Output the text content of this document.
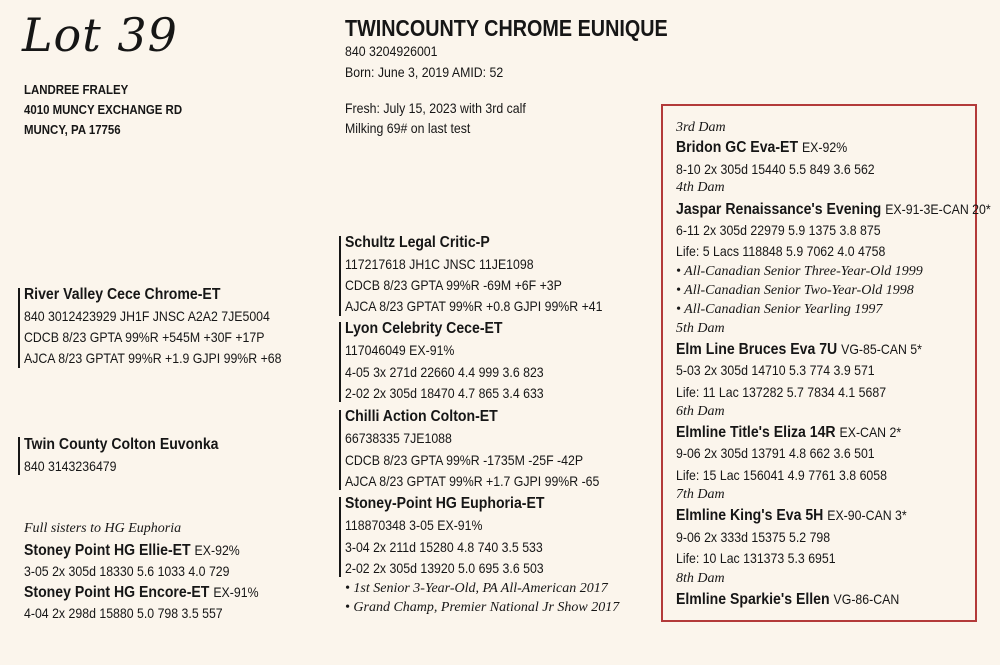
Lot 39
LANDREE FRALEY
4010 MUNCY EXCHANGE RD
MUNCY, PA 17756
TWINCOUNTY CHROME EUNIQUE
840 3204926001
Born: June 3, 2019 AMID: 52
Fresh: July 15, 2023 with 3rd calf
Milking 69# on last test
River Valley Cece Chrome-ET
840 3012423929 JH1F JNSC A2A2 7JE5004
CDCB 8/23 GPTA 99%R +545M +30F +17P
AJCA 8/23 GPTAT 99%R +1.9 GJPI 99%R +68
Twin County Colton Euvonka
840 3143236479
Full sisters to HG Euphoria
Stoney Point HG Ellie-ET EX-92%
3-05 2x 305d 18330 5.6 1033 4.0 729
Stoney Point HG Encore-ET EX-91%
4-04 2x 298d 15880 5.0 798 3.5 557
Schultz Legal Critic-P
117217618 JH1C JNSC 11JE1098
CDCB 8/23 GPTA 99%R -69M +6F +3P
AJCA 8/23 GPTAT 99%R +0.8 GJPI 99%R +41
Lyon Celebrity Cece-ET
117046049 EX-91%
4-05 3x 271d 22660 4.4 999 3.6 823
2-02 2x 305d 18470 4.7 865 3.4 633
Chilli Action Colton-ET
66738335 7JE1088
CDCB 8/23 GPTA 99%R -1735M -25F -42P
AJCA 8/23 GPTAT 99%R +1.7 GJPI 99%R -65
Stoney-Point HG Euphoria-ET
118870348 3-05 EX-91%
3-04 2x 211d 15280 4.8 740 3.5 533
2-02 2x 305d 13920 5.0 695 3.6 503
• 1st Senior 3-Year-Old, PA All-American 2017
• Grand Champ, Premier National Jr Show 2017
3rd Dam
Bridon GC Eva-ET EX-92%
8-10 2x 305d 15440 5.5 849 3.6 562
4th Dam
Jaspar Renaissance's Evening EX-91-3E-CAN 20*
6-11 2x 305d 22979 5.9 1375 3.8 875
Life: 5 Lacs 118848 5.9 7062 4.0 4758
• All-Canadian Senior Three-Year-Old 1999
• All-Canadian Senior Two-Year-Old 1998
• All-Canadian Senior Yearling 1997
5th Dam
Elm Line Bruces Eva 7U VG-85-CAN 5*
5-03 2x 305d 14710 5.3 774 3.9 571
Life: 11 Lac 137282 5.7 7834 4.1 5687
6th Dam
Elmline Title's Eliza 14R EX-CAN 2*
9-06 2x 305d 13791 4.8 662 3.6 501
Life: 15 Lac 156041 4.9 7761 3.8 6058
7th Dam
Elmline King's Eva 5H EX-90-CAN 3*
9-06 2x 333d 15375 5.2 798
Life: 10 Lac 131373 5.3 6951
8th Dam
Elmline Sparkie's Ellen VG-86-CAN
